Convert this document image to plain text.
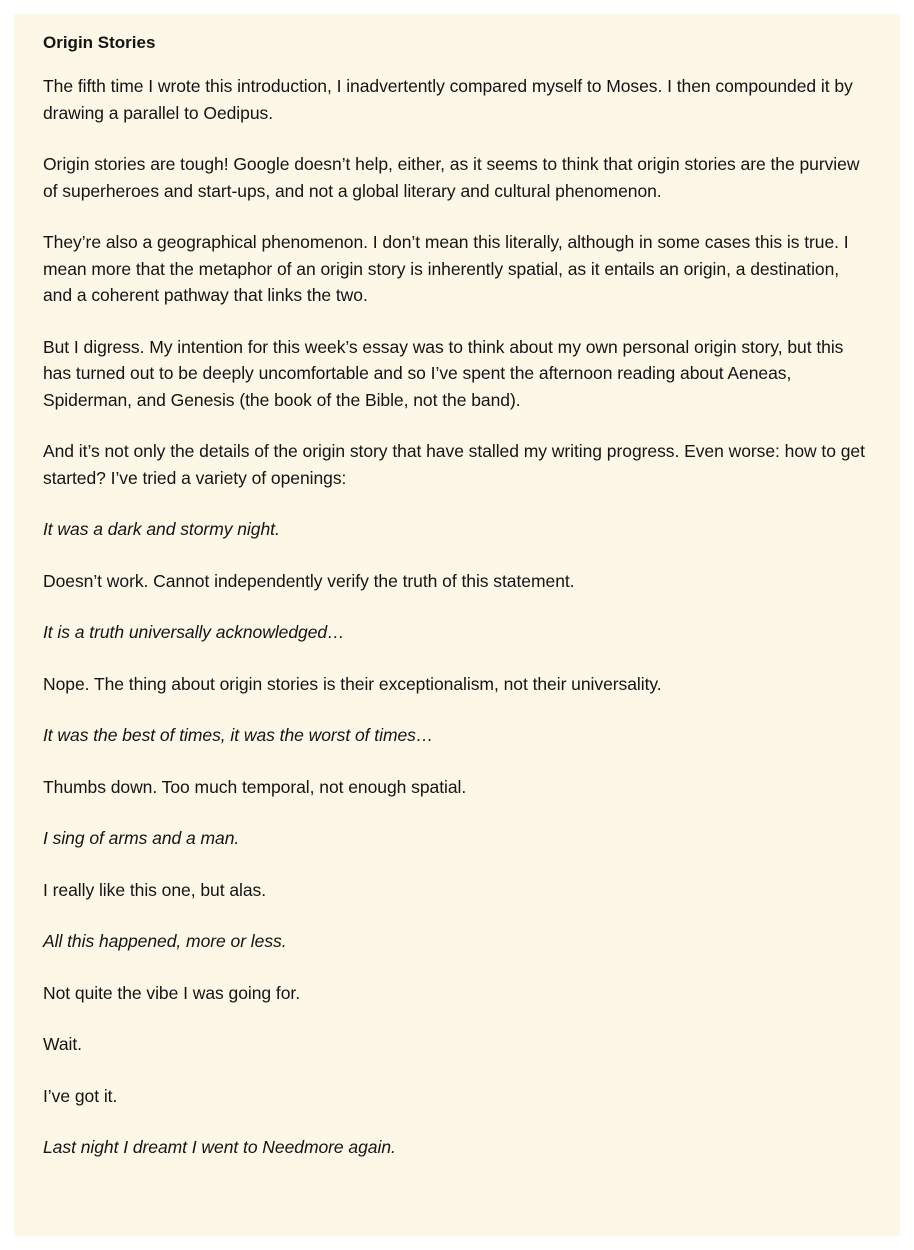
Origin Stories

The fifth time I wrote this introduction, I inadvertently compared myself to Moses. I then compounded it by drawing a parallel to Oedipus.

Origin stories are tough! Google doesn’t help, either, as it seems to think that origin stories are the purview of superheroes and start-ups, and not a global literary and cultural phenomenon.

They’re also a geographical phenomenon. I don’t mean this literally, although in some cases this is true. I mean more that the metaphor of an origin story is inherently spatial, as it entails an origin, a destination, and a coherent pathway that links the two.

But I digress. My intention for this week’s essay was to think about my own personal origin story, but this has turned out to be deeply uncomfortable and so I’ve spent the afternoon reading about Aeneas, Spiderman, and Genesis (the book of the Bible, not the band).

And it’s not only the details of the origin story that have stalled my writing progress. Even worse: how to get started? I’ve tried a variety of openings:

It was a dark and stormy night.

Doesn’t work. Cannot independently verify the truth of this statement.

It is a truth universally acknowledged…

Nope. The thing about origin stories is their exceptionalism, not their universality.

It was the best of times, it was the worst of times…

Thumbs down. Too much temporal, not enough spatial.

I sing of arms and a man.

I really like this one, but alas.

All this happened, more or less.

Not quite the vibe I was going for.

Wait.

I’ve got it.

Last night I dreamt I went to Needmore again.
